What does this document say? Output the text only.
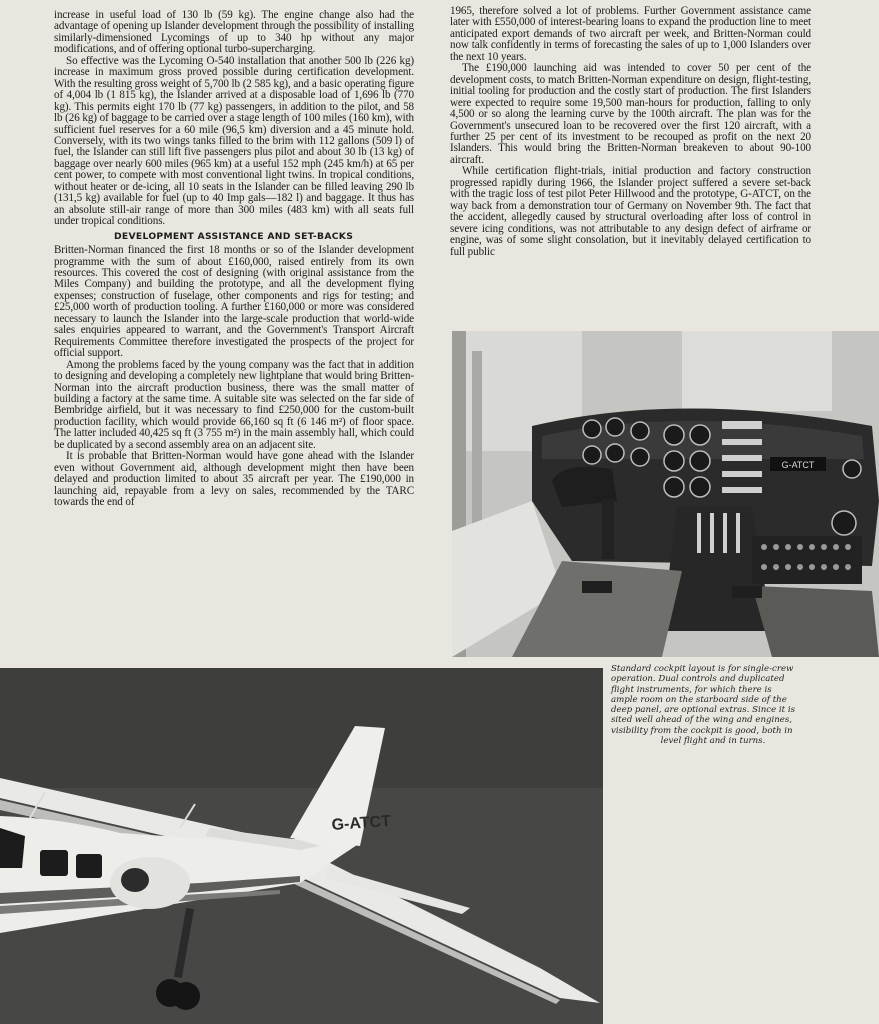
increase in useful load of 130 lb (59 kg). The engine change also had the advantage of opening up Islander development through the possibility of installing similarly-dimensioned Lycomings of up to 340 hp without any major modifications, and of offering optional turbo-supercharging.

So effective was the Lycoming O-540 installation that another 500 lb (226 kg) increase in maximum gross proved possible during certification development. With the resulting gross weight of 5,700 lb (2 585 kg), and a basic operating figure of 4,004 lb (1 815 kg), the Islander arrived at a disposable load of 1,696 lb (770 kg). This permits eight 170 lb (77 kg) passengers, in addition to the pilot, and 58 lb (26 kg) of baggage to be carried over a stage length of 100 miles (160 km), with sufficient fuel reserves for a 60 mile (96,5 km) diversion and a 45 minute hold. Conversely, with its two wings tanks filled to the brim with 112 gallons (509 l) of fuel, the Islander can still lift five passengers plus pilot and about 30 lb (13 kg) of baggage over nearly 600 miles (965 km) at a useful 152 mph (245 km/h) at 65 per cent power, to compete with most conventional light twins. In tropical conditions, without heater or de-icing, all 10 seats in the Islander can be filled leaving 290 lb (131,5 kg) available for fuel (up to 40 Imp gals—182 l) and baggage. It thus has an absolute still-air range of more than 300 miles (483 km) with all seats full under tropical conditions.

DEVELOPMENT ASSISTANCE AND SET-BACKS

Britten-Norman financed the first 18 months or so of the Islander development programme with the sum of about £160,000, raised entirely from its own resources. This covered the cost of designing (with original assistance from the Miles Company) and building the prototype, and all the development flying expenses; construction of fuselage, other components and rigs for testing; and £25,000 worth of production tooling. A further £160,000 or more was considered necessary to launch the Islander into the large-scale production that world-wide sales enquiries appeared to warrant, and the Government's Transport Aircraft Requirements Committee therefore investigated the prospects of the project for official support.

Among the problems faced by the young company was the fact that in addition to designing and developing a completely new lightplane that would bring Britten-Norman into the aircraft production business, there was the small matter of building a factory at the same time. A suitable site was selected on the far side of Bembridge airfield, but it was necessary to find £250,000 for the custom-built production facility, which would provide 66,160 sq ft (6 146 m²) of floor space. The latter included 40,425 sq ft (3 755 m²) in the main assembly hall, which could be duplicated by a second assembly area on an adjacent site.

It is probable that Britten-Norman would have gone ahead with the Islander even without Government aid, although development might then have been delayed and production limited to about 35 aircraft per year. The £190,000 in launching aid, repayable from a levy on sales, recommended by the TARC towards the end of

1965, therefore solved a lot of problems. Further Government assistance came later with £550,000 of interest-bearing loans to expand the production line to meet anticipated export demands of two aircraft per week, and Britten-Norman could now talk confidently in terms of forecasting the sales of up to 1,000 Islanders over the next 10 years.

The £190,000 launching aid was intended to cover 50 per cent of the development costs, to match Britten-Norman expenditure on design, flight-testing, initial tooling for production and the costly start of production. The first Islanders were expected to require some 19,500 man-hours for production, falling to only 4,500 or so along the learning curve by the 100th aircraft. The plan was for the Government's unsecured loan to be recovered over the first 120 aircraft, with a further 25 per cent of its investment to be recouped as profit on the next 20 Islanders. This would bring the Britten-Norman breakeven to about 90-100 aircraft.

While certification flight-trials, initial production and factory construction progressed rapidly during 1966, the Islander project suffered a severe set-back with the tragic loss of test pilot Peter Hillwood and the prototype, G-ATCT, on the way back from a demonstration tour of Germany on November 9th. The fact that the accident, allegedly caused by structural overloading after loss of control in severe icing conditions, was not attributable to any design defect of airframe or engine, was of some slight consolation, but it inevitably delayed certification to full public

G-ATCT
Standard cockpit layout is for single-crew
operation. Dual controls and duplicated
flight instruments, for which there is
ample room on the starboard side of the
deep panel, are optional extras. Since it is
sited well ahead of the wing and engines,
visibility from the cockpit is good, both in
level flight and in turns.
G-ATCT
